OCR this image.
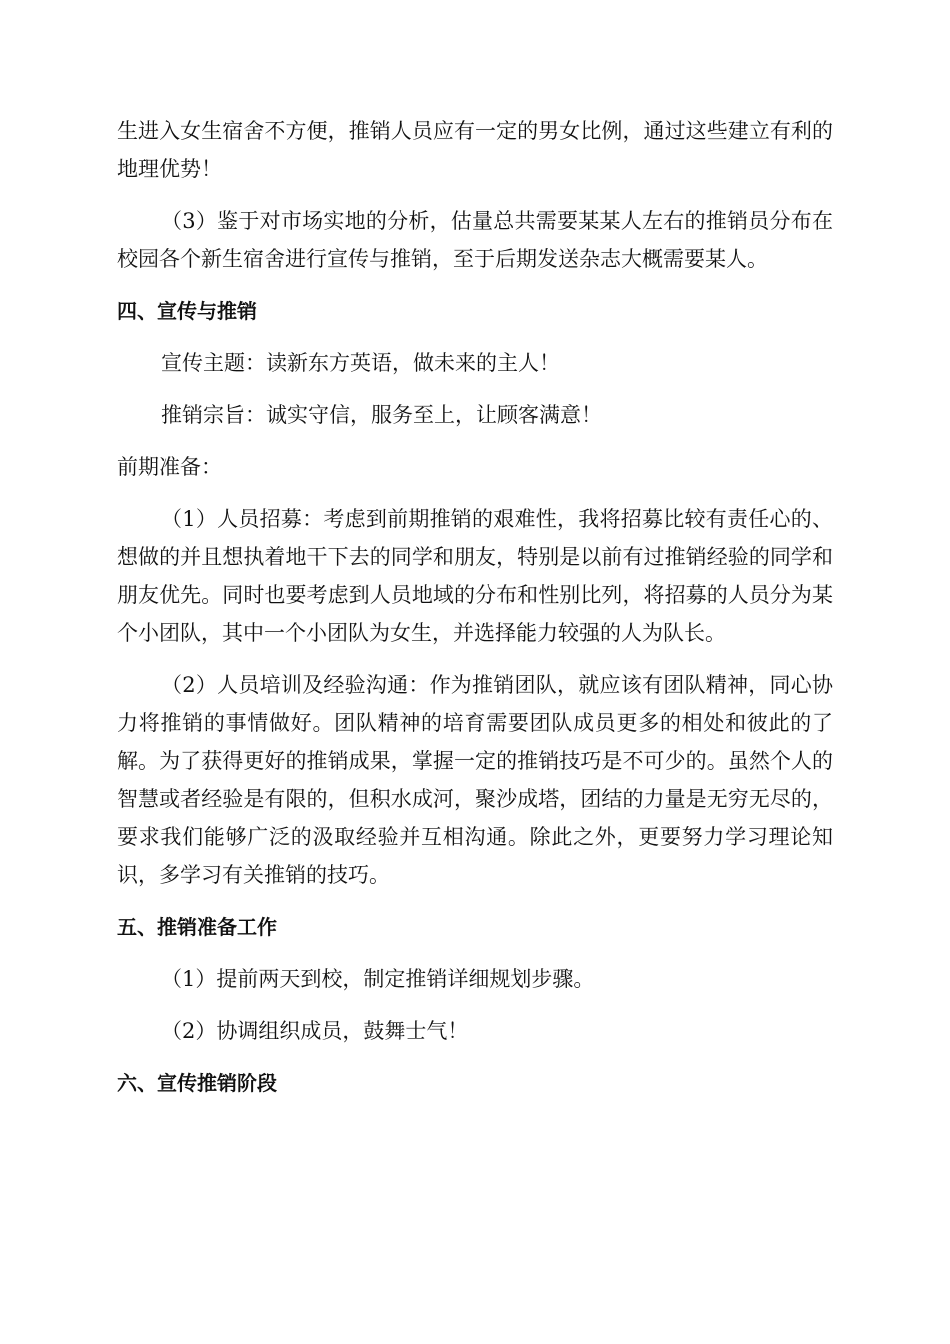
生进入女生宿舍不方便，推销人员应有一定的男女比例，通过这些建立有利的地理优势！

（3）鉴于对市场实地的分析，估量总共需要某某人左右的推销员分布在校园各个新生宿舍进行宣传与推销，至于后期发送杂志大概需要某人。

四、宣传与推销

宣传主题：读新东方英语，做未来的主人！

推销宗旨：诚实守信，服务至上，让顾客满意！

前期准备：

（1）人员招募：考虑到前期推销的艰难性，我将招募比较有责任心的、想做的并且想执着地干下去的同学和朋友，特别是以前有过推销经验的同学和朋友优先。同时也要考虑到人员地域的分布和性别比列，将招募的人员分为某个小团队，其中一个小团队为女生，并选择能力较强的人为队长。

（2）人员培训及经验沟通：作为推销团队，就应该有团队精神，同心协力将推销的事情做好。团队精神的培育需要团队成员更多的相处和彼此的了解。为了获得更好的推销成果，掌握一定的推销技巧是不可少的。虽然个人的智慧或者经验是有限的，但积水成河，聚沙成塔，团结的力量是无穷无尽的，要求我们能够广泛的汲取经验并互相沟通。除此之外，更要努力学习理论知识，多学习有关推销的技巧。

五、推销准备工作

（1）提前两天到校，制定推销详细规划步骤。

（2）协调组织成员，鼓舞士气！

六、宣传推销阶段
